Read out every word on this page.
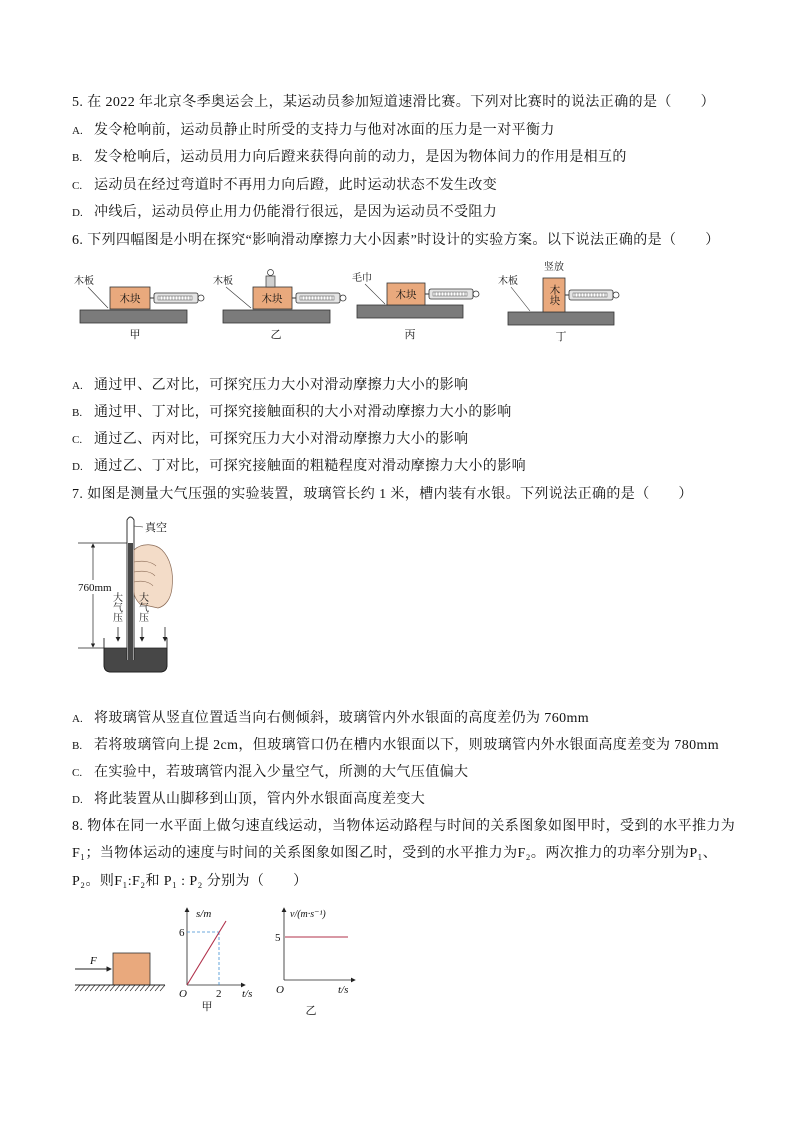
5. 在 2022 年北京冬季奥运会上，某运动员参加短道速滑比赛。下列对比赛时的说法正确的是（　　）
A. 发令枪响前，运动员静止时所受的支持力与他对冰面的压力是一对平衡力
B. 发令枪响后，运动员用力向后蹬来获得向前的动力，是因为物体间力的作用是相互的
C. 运动员在经过弯道时不再用力向后蹬，此时运动状态不发生改变
D. 冲线后，运动员停止用力仍能滑行很远，是因为运动员不受阻力
6. 下列四幅图是小明在探究“影响滑动摩擦力大小因素”时设计的实验方案。以下说法正确的是（　　）
木块
木板
甲
木块
木板
乙
木块
毛巾
丙
木块
竖放
木板
丁
A. 通过甲、乙对比，可探究压力大小对滑动摩擦力大小的影响
B. 通过甲、丁对比，可探究接触面积的大小对滑动摩擦力大小的影响
C. 通过乙、丙对比，可探究压力大小对滑动摩擦力大小的影响
D. 通过乙、丁对比，可探究接触面的粗糙程度对滑动摩擦力大小的影响
7. 如图是测量大气压强的实验装置，玻璃管长约 1 米，槽内装有水银。下列说法正确的是（　　）
真空
760mm
大气压 大气压
A. 将玻璃管从竖直位置适当向右侧倾斜，玻璃管内外水银面的高度差仍为 760mm
B. 若将玻璃管向上提 2cm，但玻璃管口仍在槽内水银面以下，则玻璃管内外水银面高度差变为 780mm
C. 在实验中，若玻璃管内混入少量空气，所测的大气压值偏大
D. 将此装置从山脚移到山顶，管内外水银面高度差变大
8. 物体在同一水平面上做匀速直线运动，当物体运动路程与时间的关系图象如图甲时，受到的水平推力为
F₁；当物体运动的速度与时间的关系图象如图乙时，受到的水平推力为F₂。两次推力的功率分别为P₁、
P₂。则F₁:F₂和 P₁ : P₂ 分别为（　　）
F
s/m
6
2
O	t/s
甲
v/(m·s⁻¹)
5
O	t/s
乙
